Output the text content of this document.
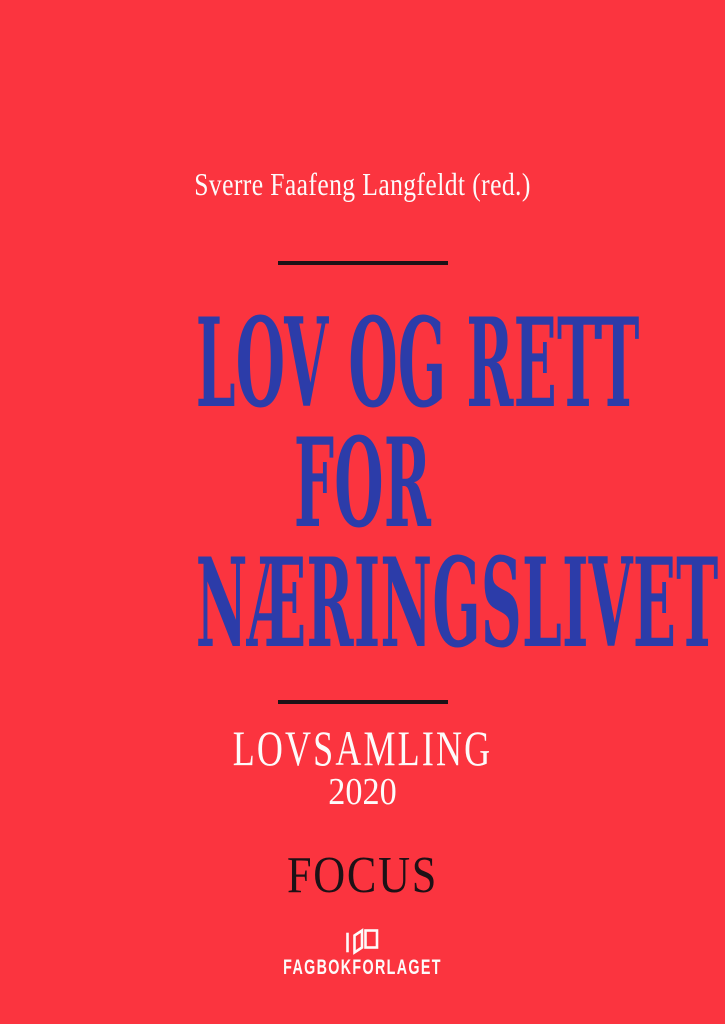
Sverre Faafeng Langfeldt (red.)
LOV OG RETT
FOR
NÆRINGSLIVET
LOVSAMLING
2020
FOCUS
FAGBOKFORLAGET
